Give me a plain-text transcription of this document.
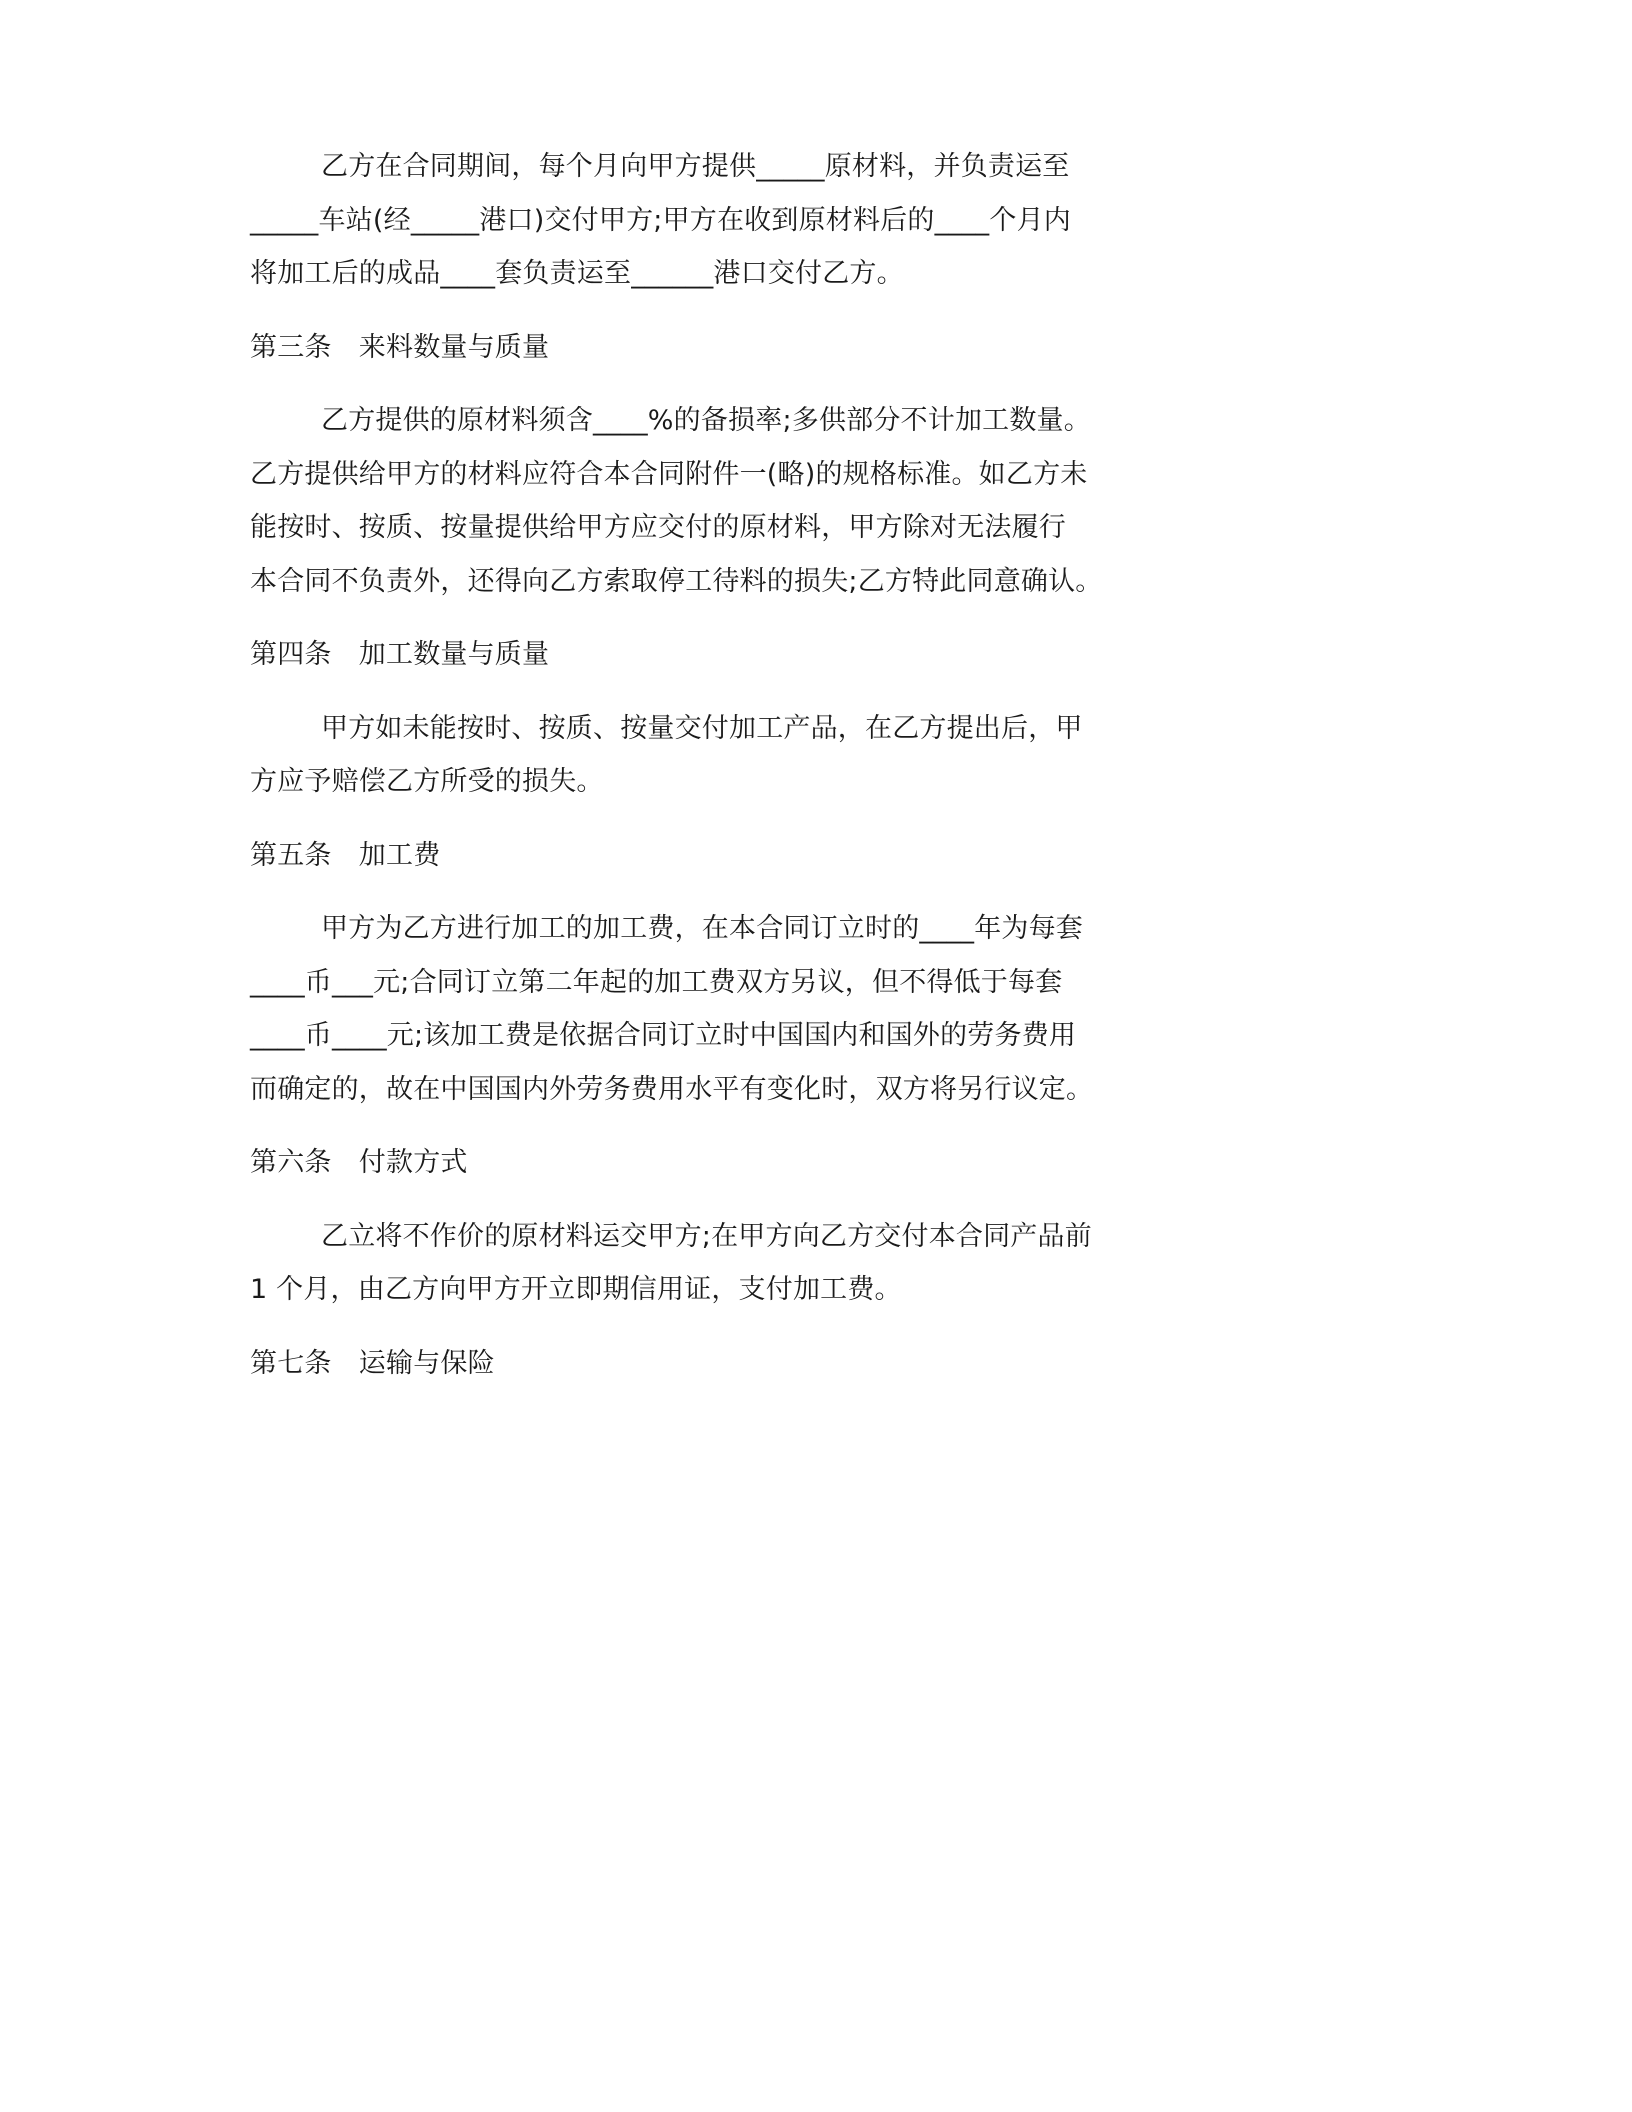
乙方在合同期间，每个月向甲方提供_____原材料，并负责运至
_____车站(经_____港口)交付甲方;甲方在收到原材料后的____个月内
将加工后的成品____套负责运至______港口交付乙方。
第三条　来料数量与质量
乙方提供的原材料须含____%的备损率;多供部分不计加工数量。
乙方提供给甲方的材料应符合本合同附件一(略)的规格标准。如乙方未
能按时、按质、按量提供给甲方应交付的原材料，甲方除对无法履行
本合同不负责外，还得向乙方索取停工待料的损失;乙方特此同意确认。
第四条　加工数量与质量
甲方如未能按时、按质、按量交付加工产品，在乙方提出后，甲
方应予赔偿乙方所受的损失。
第五条　加工费
甲方为乙方进行加工的加工费，在本合同订立时的____年为每套
____币___元;合同订立第二年起的加工费双方另议，但不得低于每套
____币____元;该加工费是依据合同订立时中国国内和国外的劳务费用
而确定的，故在中国国内外劳务费用水平有变化时，双方将另行议定。
第六条　付款方式
乙立将不作价的原材料运交甲方;在甲方向乙方交付本合同产品前
1 个月，由乙方向甲方开立即期信用证，支付加工费。
第七条　运输与保险
